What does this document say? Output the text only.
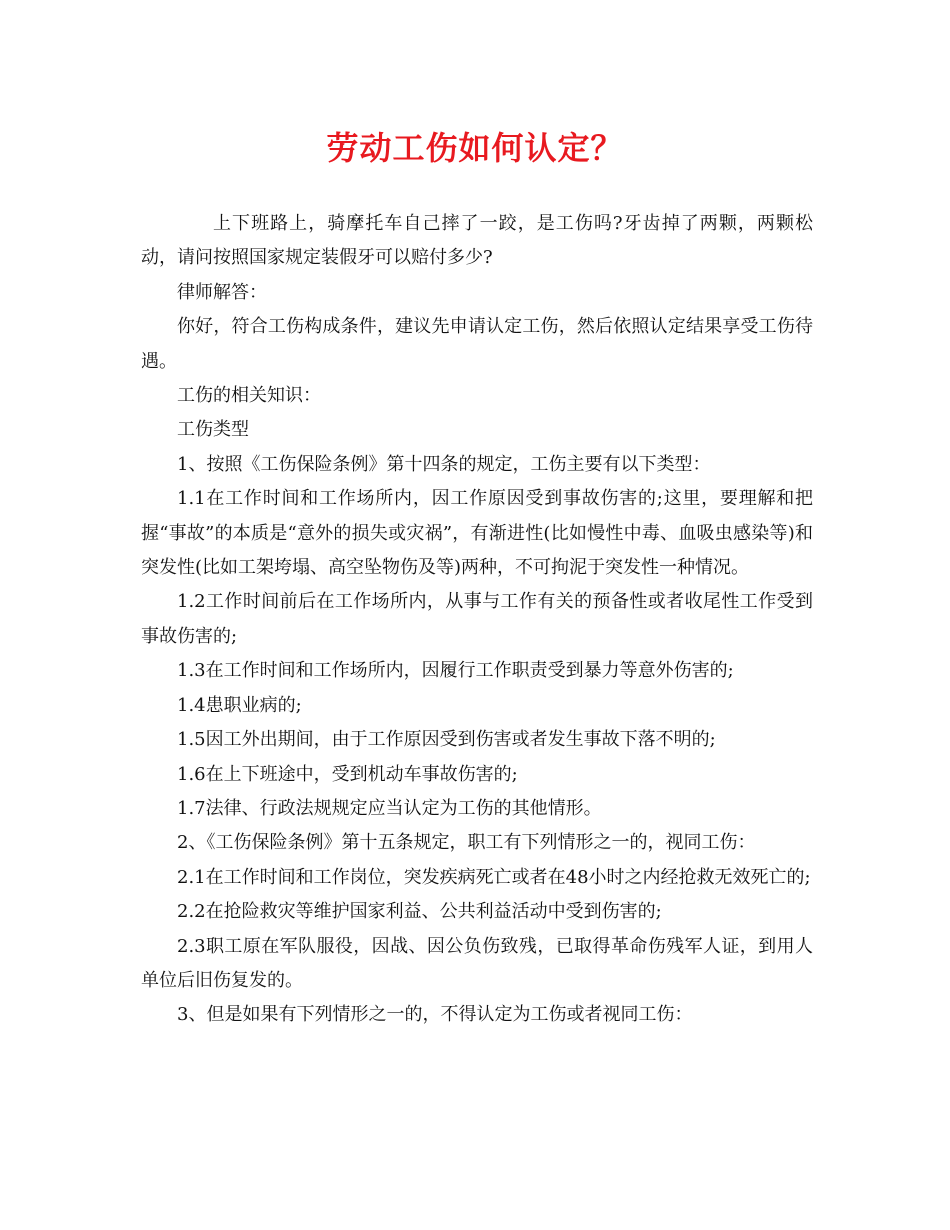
劳动工伤如何认定？

上下班路上，骑摩托车自己摔了一跤，是工伤吗?牙齿掉了两颗，两颗松动，请问按照国家规定装假牙可以赔付多少?

律师解答：

你好，符合工伤构成条件，建议先申请认定工伤，然后依照认定结果享受工伤待遇。

工伤的相关知识：

工伤类型

1、按照《工伤保险条例》第十四条的规定，工伤主要有以下类型：

1.1在工作时间和工作场所内，因工作原因受到事故伤害的;这里，要理解和把握“事故”的本质是“意外的损失或灾祸”，有渐进性(比如慢性中毒、血吸虫感染等)和突发性(比如工架垮塌、高空坠物伤及等)两种，不可拘泥于突发性一种情况。

1.2工作时间前后在工作场所内，从事与工作有关的预备性或者收尾性工作受到事故伤害的;

1.3在工作时间和工作场所内，因履行工作职责受到暴力等意外伤害的;

1.4患职业病的;

1.5因工外出期间，由于工作原因受到伤害或者发生事故下落不明的;

1.6在上下班途中，受到机动车事故伤害的;

1.7法律、行政法规规定应当认定为工伤的其他情形。

2、《工伤保险条例》第十五条规定，职工有下列情形之一的，视同工伤：

2.1在工作时间和工作岗位，突发疾病死亡或者在48小时之内经抢救无效死亡的;

2.2在抢险救灾等维护国家利益、公共利益活动中受到伤害的;

2.3职工原在军队服役，因战、因公负伤致残，已取得革命伤残军人证，到用人单位后旧伤复发的。

3、但是如果有下列情形之一的，不得认定为工伤或者视同工伤：
